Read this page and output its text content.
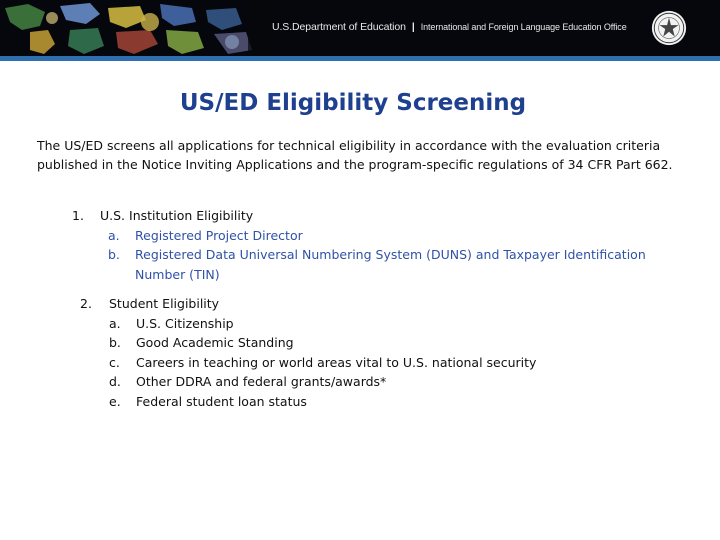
U.S.Department of Education | International and Foreign Language Education Office
US/ED Eligibility Screening
The US/ED screens all applications for technical eligibility in accordance with the evaluation criteria published in the Notice Inviting Applications and the program-specific regulations of 34 CFR Part 662.
1. U.S. Institution Eligibility
a. Registered Project Director
b. Registered Data Universal Numbering System (DUNS) and Taxpayer Identification Number (TIN)
2. Student Eligibility
a. U.S. Citizenship
b. Good Academic Standing
c. Careers in teaching or world areas vital to U.S. national security
d. Other DDRA and federal grants/awards*
e. Federal student loan status
